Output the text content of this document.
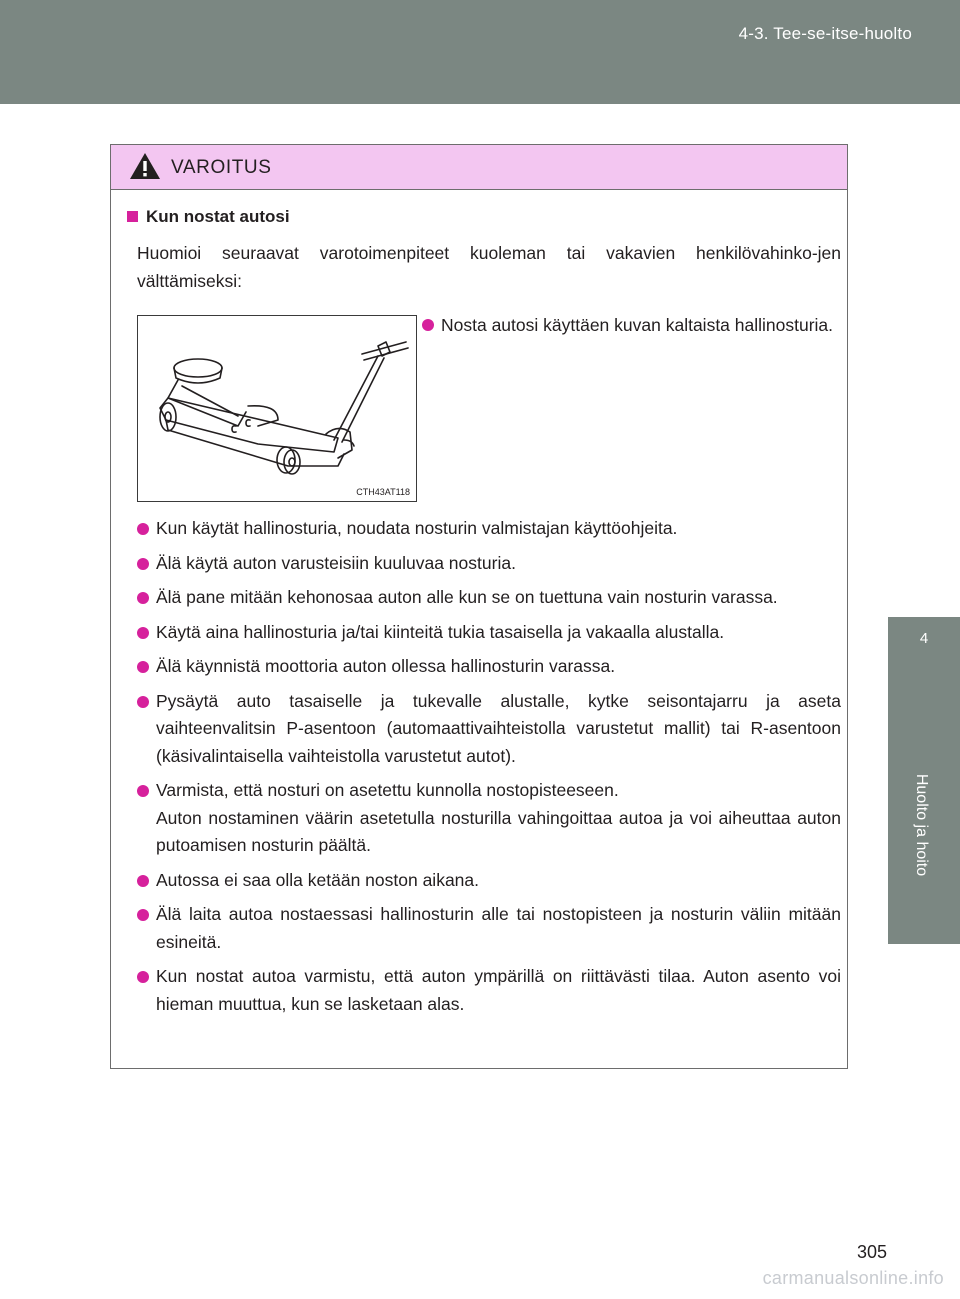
4-3. Tee-se-itse-huolto
4
Huolto ja hoito
VAROITUS
Kun nostat autosi
Huomioi seuraavat varotoimenpiteet kuoleman tai vakavien henkilövahinko-jen välttämiseksi:
CTH43AT118
Nosta autosi käyttäen kuvan kaltaista hallinosturia.
Kun käytät hallinosturia, noudata nosturin valmistajan käyttöohjeita.
Älä käytä auton varusteisiin kuuluvaa nosturia.
Älä pane mitään kehonosaa auton alle kun se on tuettuna vain nosturin varassa.
Käytä aina hallinosturia ja/tai kiinteitä tukia tasaisella ja vakaalla alustalla.
Älä käynnistä moottoria auton ollessa hallinosturin varassa.
Pysäytä auto tasaiselle ja tukevalle alustalle, kytke seisontajarru ja aseta vaihteenvalitsin P-asentoon (automaattivaihteistolla varustetut mallit) tai R-asentoon (käsivalintaisella vaihteistolla varustetut autot).
Varmista, että nosturi on asetettu kunnolla nostopisteeseen.
Auton nostaminen väärin asetetulla nosturilla vahingoittaa autoa ja voi aiheuttaa auton putoamisen nosturin päältä.
Autossa ei saa olla ketään noston aikana.
Älä laita autoa nostaessasi hallinosturin alle tai nostopisteen ja nosturin väliin mitään esineitä.
Kun nostat autoa varmistu, että auton ympärillä on riittävästi tilaa. Auton asento voi hieman muuttua, kun se lasketaan alas.
305
carmanualsonline.info
